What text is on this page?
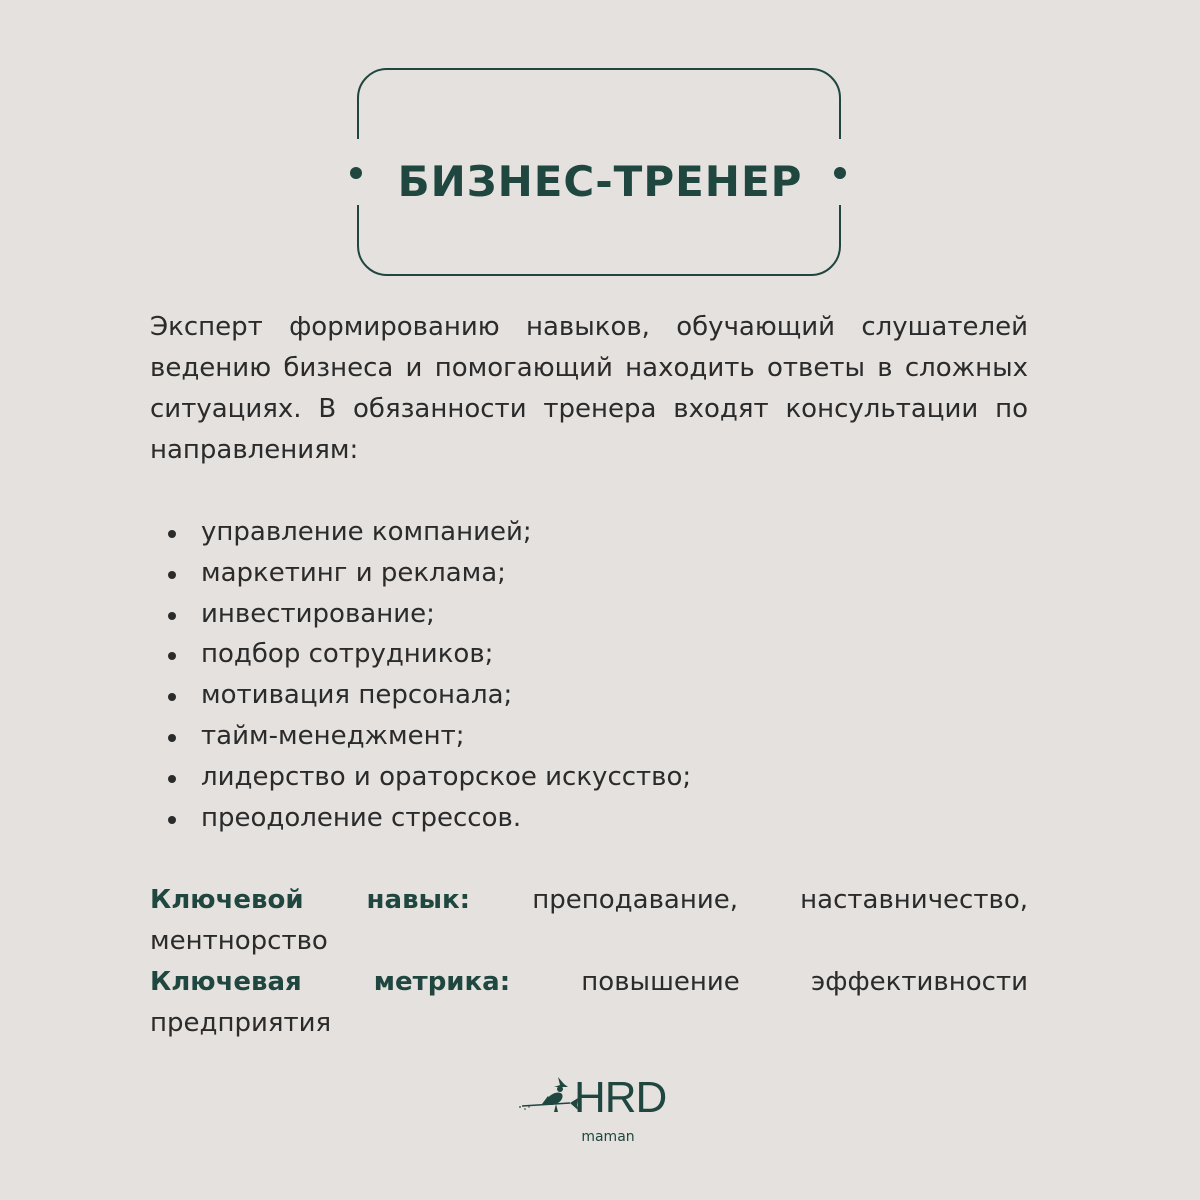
БИЗНЕС-ТРЕНЕР

Эксперт формированию навыков, обучающий слушателей ведению бизнеса и помогающий находить ответы в сложных ситуациях. В обязанности тренера входят консультации по направлениям:

управление компанией;
маркетинг и реклама;
инвестирование;
подбор сотрудников;
мотивация персонала;
тайм-менеджмент;
лидерство и ораторское искусство;
преодоление стрессов.

Ключевой навык: преподавание, наставничество, ментнорство

Ключевая метрика: повышение эффективности предприятия

HRD
maman
